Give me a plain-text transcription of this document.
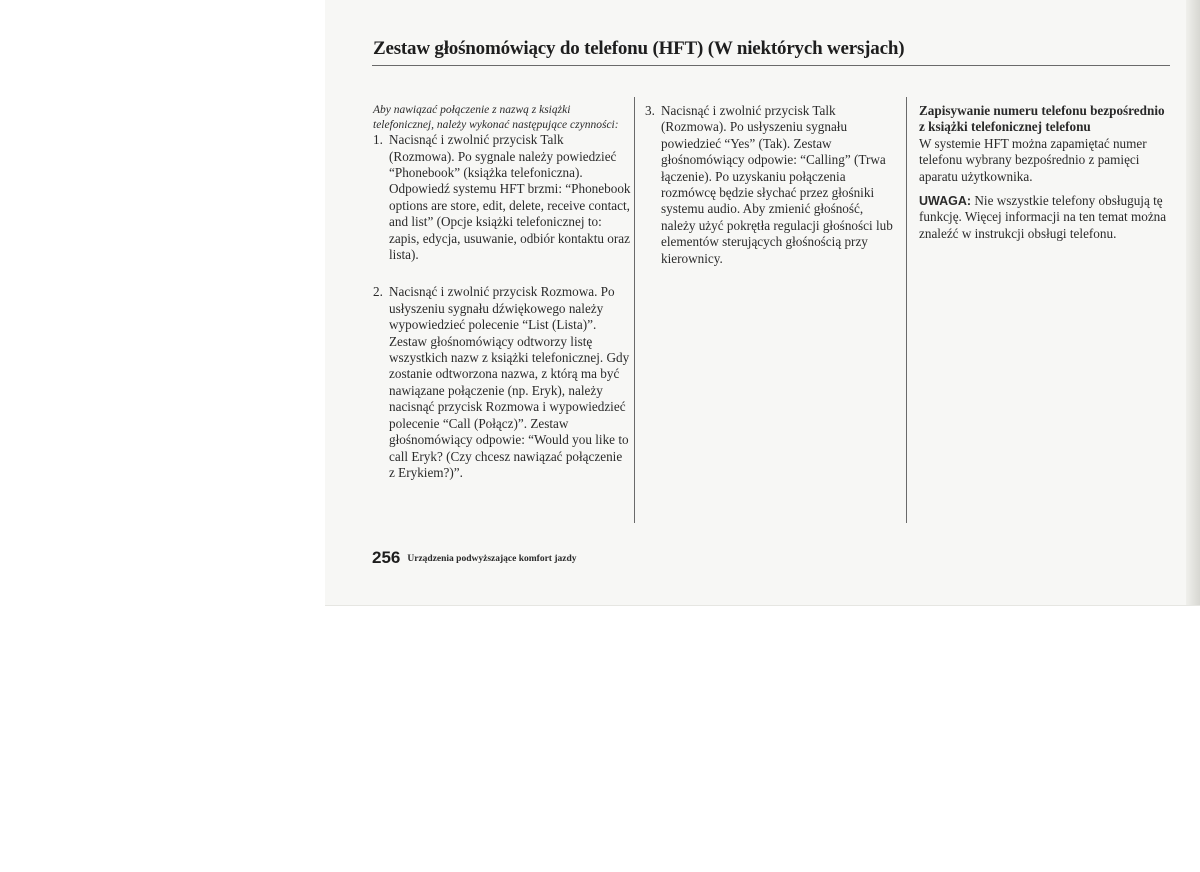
Zestaw głośnomówiący do telefonu (HFT) (W niektórych wersjach)

Aby nawiązać połączenie z nazwą z książki telefonicznej, należy wykonać następujące czynności:

1. Nacisnąć i zwolnić przycisk Talk (Rozmowa). Po sygnale należy powiedzieć “Phonebook” (książka telefoniczna). Odpowiedź systemu HFT brzmi: “Phonebook options are store, edit, delete, receive contact, and list” (Opcje książki telefonicznej to: zapis, edycja, usuwanie, odbiór kontaktu oraz lista).
2. Nacisnąć i zwolnić przycisk Rozmowa. Po usłyszeniu sygnału dźwiękowego należy wypowiedzieć polecenie “List (Lista)”. Zestaw głośnomówiący odtworzy listę wszystkich nazw z książki telefonicznej. Gdy zostanie odtworzona nazwa, z którą ma być nawiązane połączenie (np. Eryk), należy nacisnąć przycisk Rozmowa i wypowiedzieć polecenie “Call (Połącz)”. Zestaw głośnomówiący odpowie: “Would you like to call Eryk? (Czy chcesz nawiązać połączenie z Erykiem?)”.
3. Nacisnąć i zwolnić przycisk Talk (Rozmowa). Po usłyszeniu sygnału powiedzieć “Yes” (Tak). Zestaw głośnomówiący odpowie: “Calling” (Trwa łączenie). Po uzyskaniu połączenia rozmówcę będzie słychać przez głośniki systemu audio. Aby zmienić głośność, należy użyć pokrętła regulacji głośności lub elementów sterujących głośnością przy kierownicy.

Zapisywanie numeru telefonu bezpośrednio z książki telefonicznej telefonu

W systemie HFT można zapamiętać numer telefonu wybrany bezpośrednio z pamięci aparatu użytkownika.

UWAGA: Nie wszystkie telefony obsługują tę funkcję. Więcej informacji na ten temat można znaleźć w instrukcji obsługi telefonu.

256 Urządzenia podwyższające komfort jazdy
